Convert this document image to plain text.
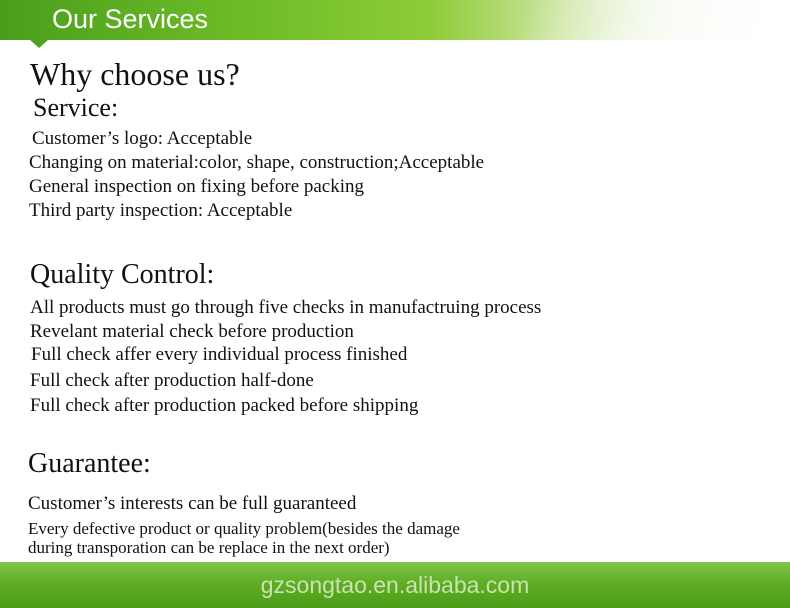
Our Services
Why choose us?
Service:
Customer’s logo: Acceptable
Changing on material:color, shape, construction;Acceptable
General inspection on fixing before packing
Third party inspection: Acceptable
Quality Control:
All products must go through five checks in manufactruing process
Revelant material check before production
Full check affer every individual process finished
Full check after production half-done
Full check after production packed before shipping
Guarantee:
Customer’s interests can be full guaranteed
Every defective product or quality problem(besides the damage
during transporation can be replace in the next order)
gzsongtao.en.alibaba.com
